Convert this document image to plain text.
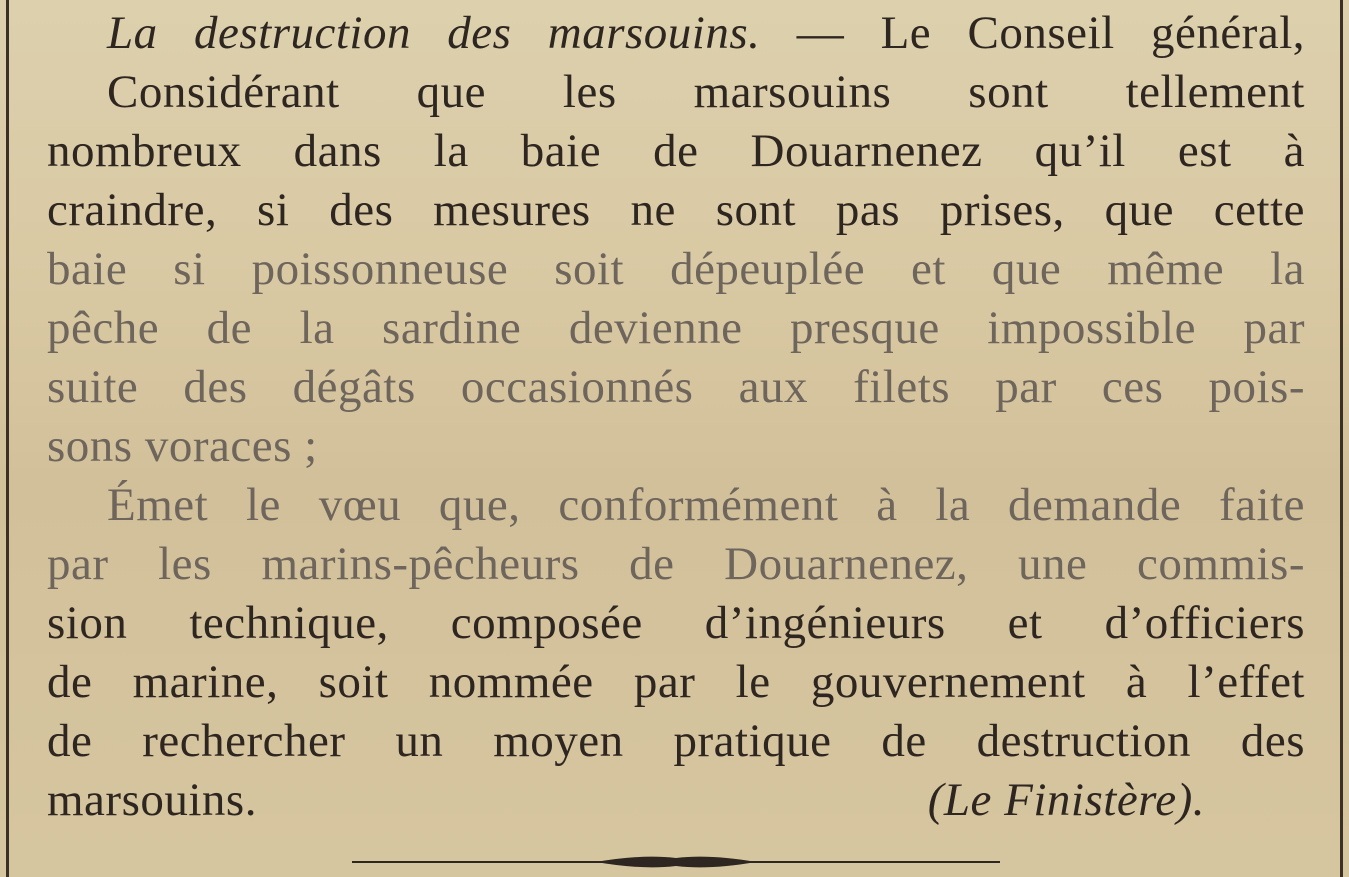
La destruction des marsouins. — Le Conseil général,
Considérant que les marsouins sont tellement
nombreux dans la baie de Douarnenez qu’il est à
craindre, si des mesures ne sont pas prises, que cette
baie si poissonneuse soit dépeuplée et que même la
pêche de la sardine devienne presque impossible par
suite des dégâts occasionnés aux filets par ces pois-
sons voraces ;
Émet le vœu que, conformément à la demande faite
par les marins-pêcheurs de Douarnenez, une commis-
sion technique, composée d’ingénieurs et d’officiers
de marine, soit nommée par le gouvernement à l’effet
de rechercher un moyen pratique de destruction des
marsouins.	(Le Finistère).
